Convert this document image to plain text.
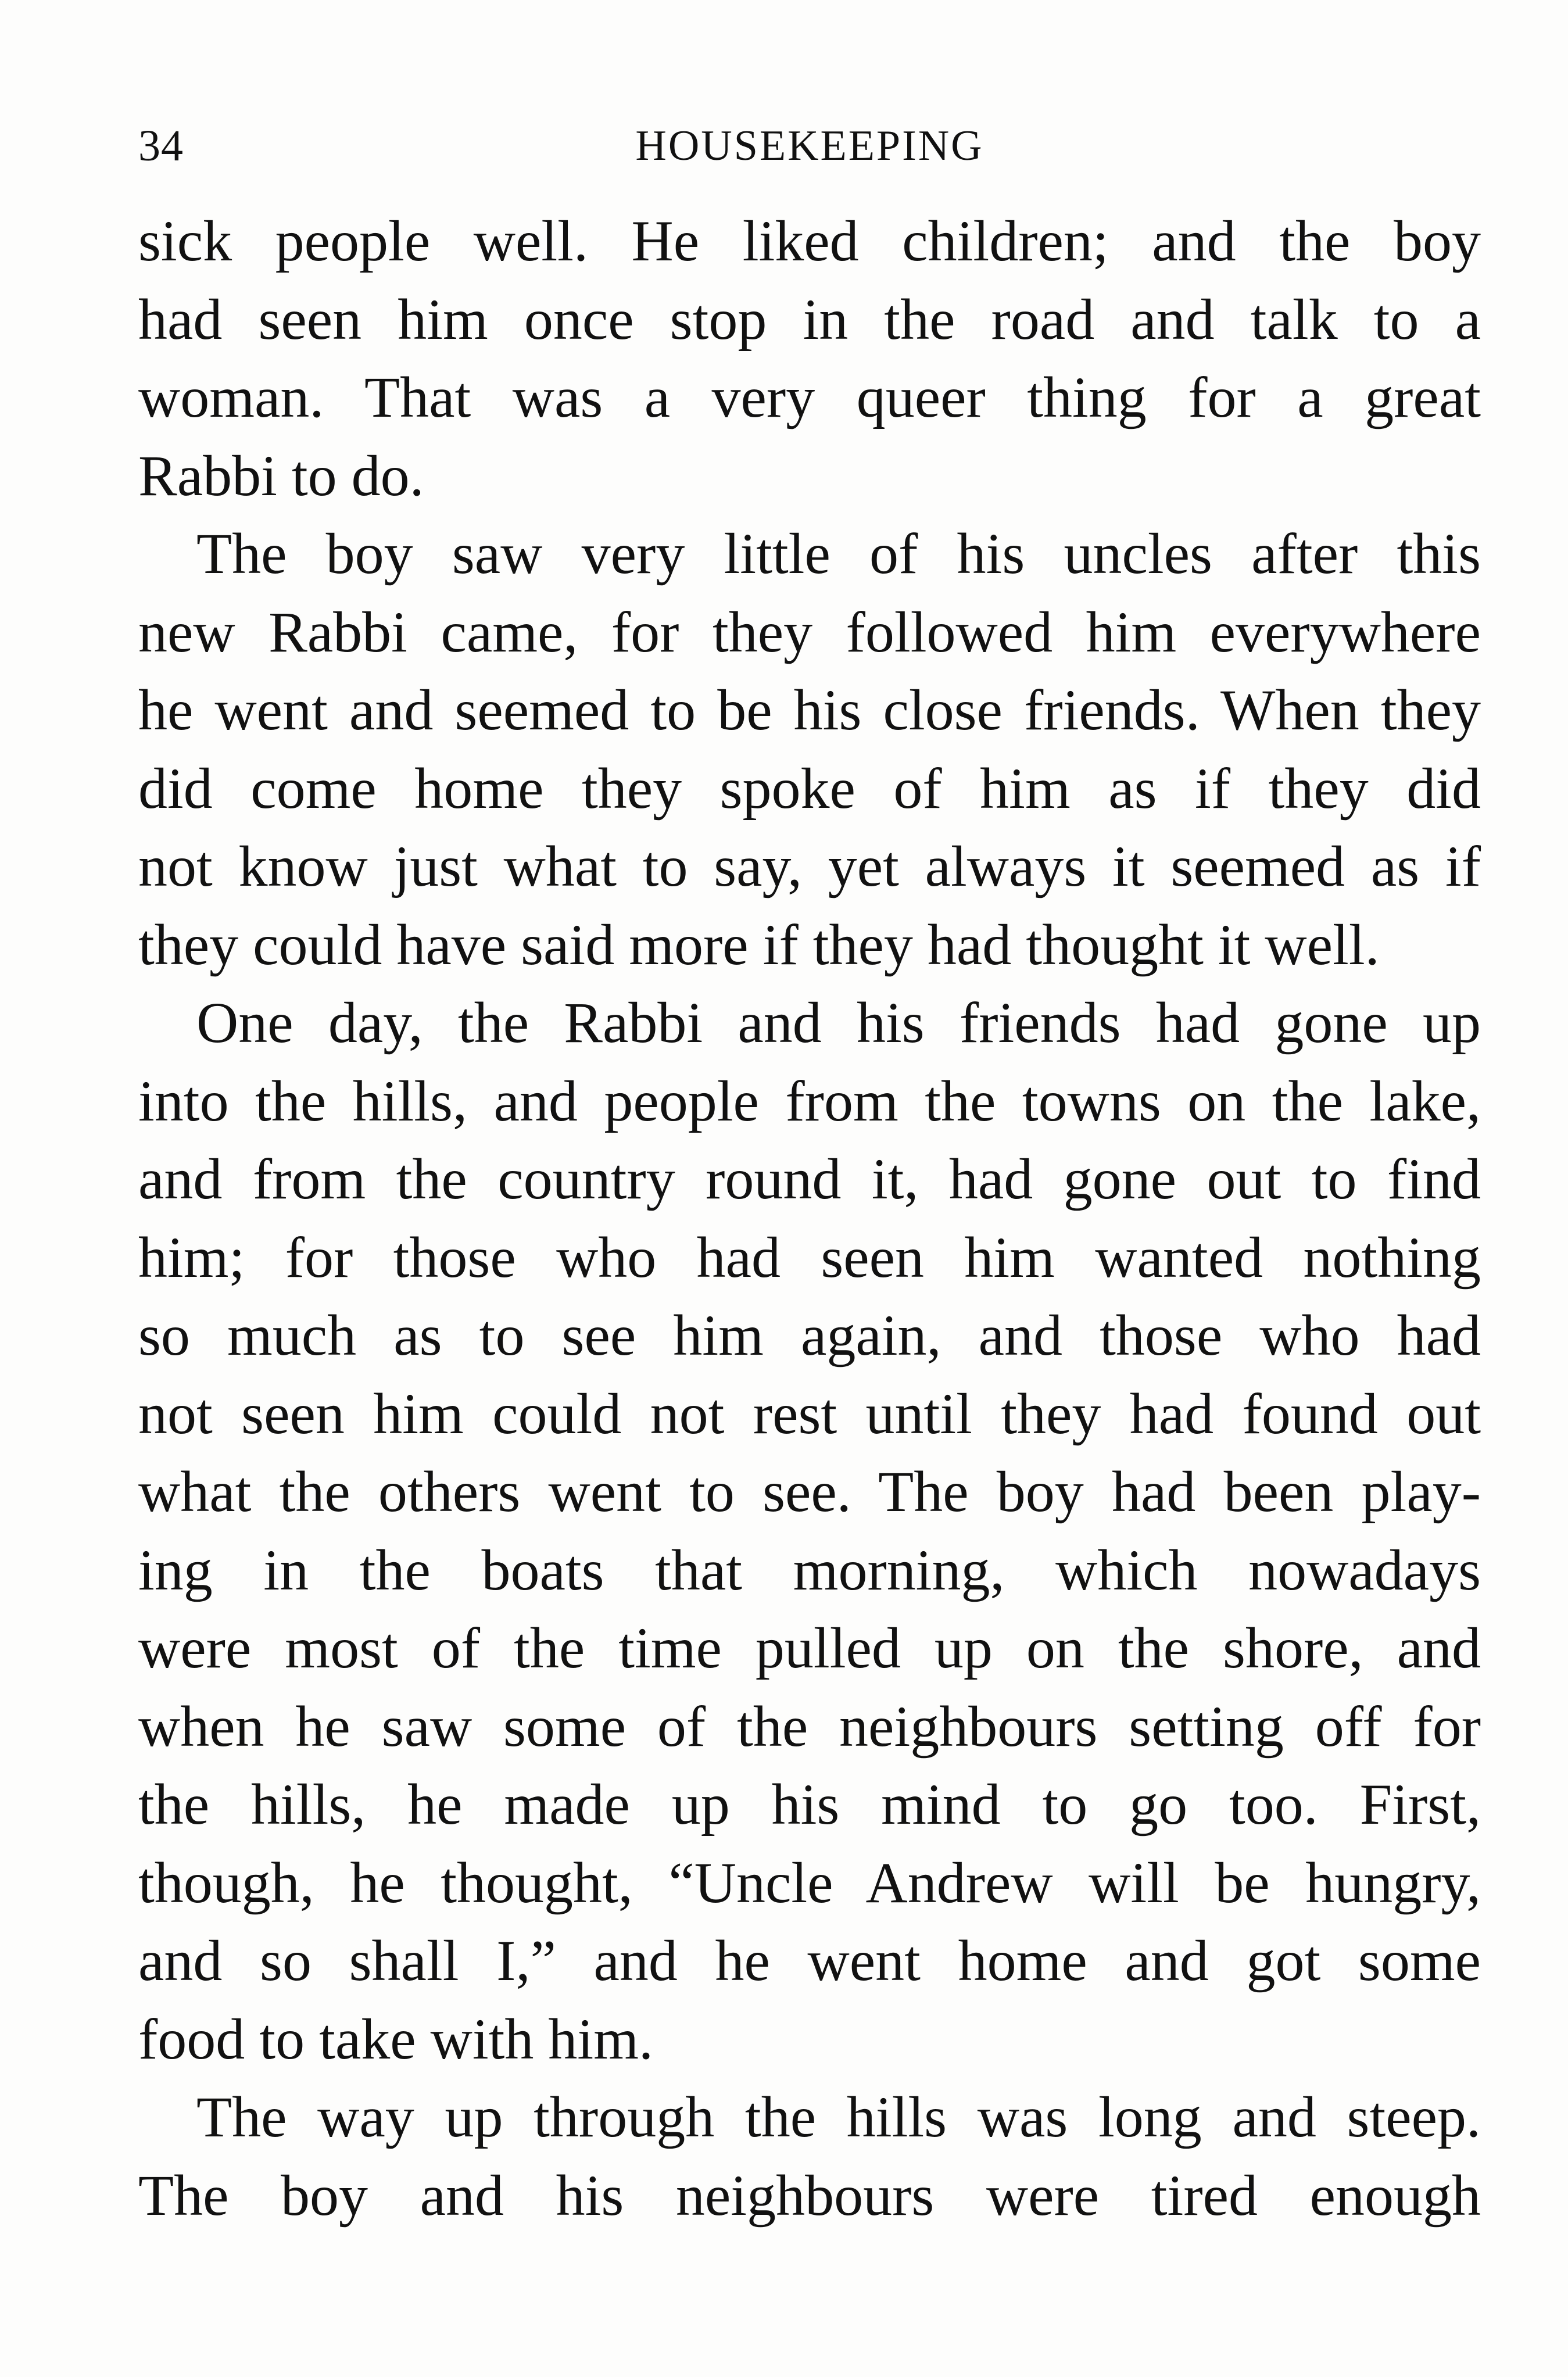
34	HOUSEKEEPING
sick people well. He liked children; and the boy
had seen him once stop in the road and talk to a
woman. That was a very queer thing for a great
Rabbi to do.
The boy saw very little of his uncles after this
new Rabbi came, for they followed him everywhere
he went and seemed to be his close friends. When they
did come home they spoke of him as if they did
not know just what to say, yet always it seemed as if
they could have said more if they had thought it well.
One day, the Rabbi and his friends had gone up
into the hills, and people from the towns on the lake,
and from the country round it, had gone out to find
him; for those who had seen him wanted nothing
so much as to see him again, and those who had
not seen him could not rest until they had found out
what the others went to see. The boy had been play-
ing in the boats that morning, which nowadays
were most of the time pulled up on the shore, and
when he saw some of the neighbours setting off for
the hills, he made up his mind to go too. First,
though, he thought, “Uncle Andrew will be hungry,
and so shall I,” and he went home and got some
food to take with him.
The way up through the hills was long and steep.
The boy and his neighbours were tired enough
